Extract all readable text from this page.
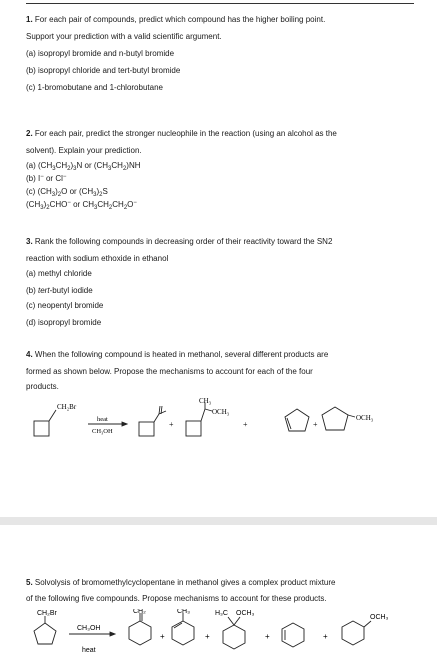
1. For each pair of compounds, predict which compound has the higher boiling point.
Support your prediction with a valid scientific argument.
(a) isopropyl bromide and n-butyl bromide
(b) isopropyl chloride and tert-butyl bromide
(c) 1-bromobutane and 1-chlorobutane
2. For each pair, predict the stronger nucleophile in the reaction (using an alcohol as the
solvent). Explain your prediction.
(a) $(CH_3CH_2)_3N$ or $(CH_3CH_2)NH$
(b) I− or Cl−
(c) $(CH_3)_2O$ or $(CH_3)_2S$
$(CH_3)_2CHO^-$ or $CH_3CH_2CH_2O^-$
3. Rank the following compounds in decreasing order of their reactivity toward the SN2
reaction with sodium ethoxide in ethanol
(a) methyl chloride
(b) tert-butyl iodide
(c) neopentyl bromide
(d) isopropyl bromide
4. When the following compound is heated in methanol, several different products are
formed as shown below. Propose the mechanisms to account for each of the four
products.
CH₂Br
heat
CH₃OH
+
CH₃
OCH₃
+	+
OCH₃
5. Solvolysis of bromomethylcyclopentane in methanol gives a complex product mixture
of the following five compounds. Propose mechanisms to account for these products.
CH₂Br
CH₃OH
heat
CH₂
+
CH₃
+
H₃C OCH₃
+	+
OCH₃
